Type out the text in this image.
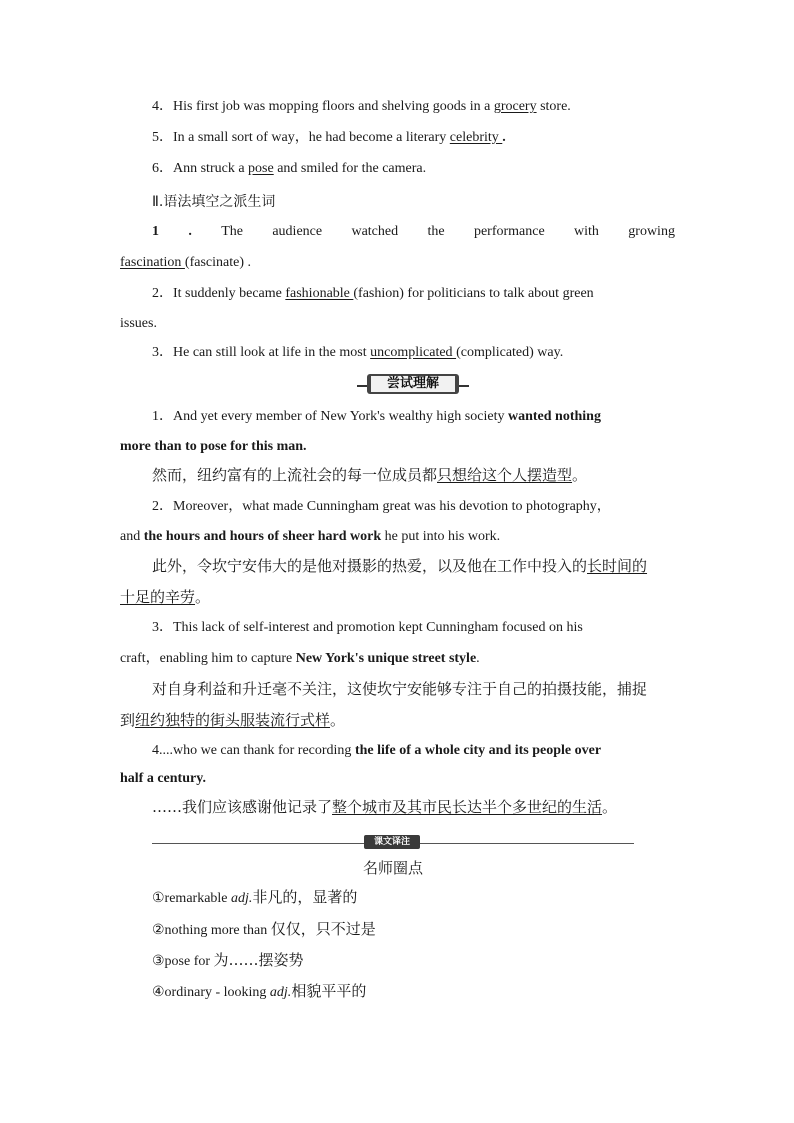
4．His first job was mopping floors and shelving goods in a grocery store.
5．In a small sort of way，he had become a literary celebrity .
6．Ann struck a pose and smiled for the camera.
Ⅱ.语法填空之派生词
1 . The audience watched the performance with growing
fascination (fascinate) .
2．It suddenly became fashionable (fashion) for politicians to talk about green
issues.
3．He can still look at life in the most uncomplicated (complicated) way.
尝试理解
1．And yet every member of New York's wealthy high society wanted nothing
more than to pose for this man.
然而，纽约富有的上流社会的每一位成员都只想给这个人摆造型。
2．Moreover，what made Cunningham great was his devotion to photography，
and the hours and hours of sheer hard work he put into his work.
此外，令坎宁安伟大的是他对摄影的热爱，以及他在工作中投入的长时间的
十足的辛劳。
3．This lack of self-interest and promotion kept Cunningham focused on his
craft，enabling him to capture New York's unique street style.
对自身利益和升迁毫不关注，这使坎宁安能够专注于自己的拍摄技能，捕捉
到纽约独特的街头服装流行式样。
4....who we can thank for recording the life of a whole city and its people over
half a century.
……我们应该感谢他记录了整个城市及其市民长达半个多世纪的生活。
课文译注
名师圈点
①remarkable adj.非凡的，显著的
②nothing more than 仅仅，只不过是
③pose for 为……摆姿势
④ordinary - looking adj.相貌平平的
